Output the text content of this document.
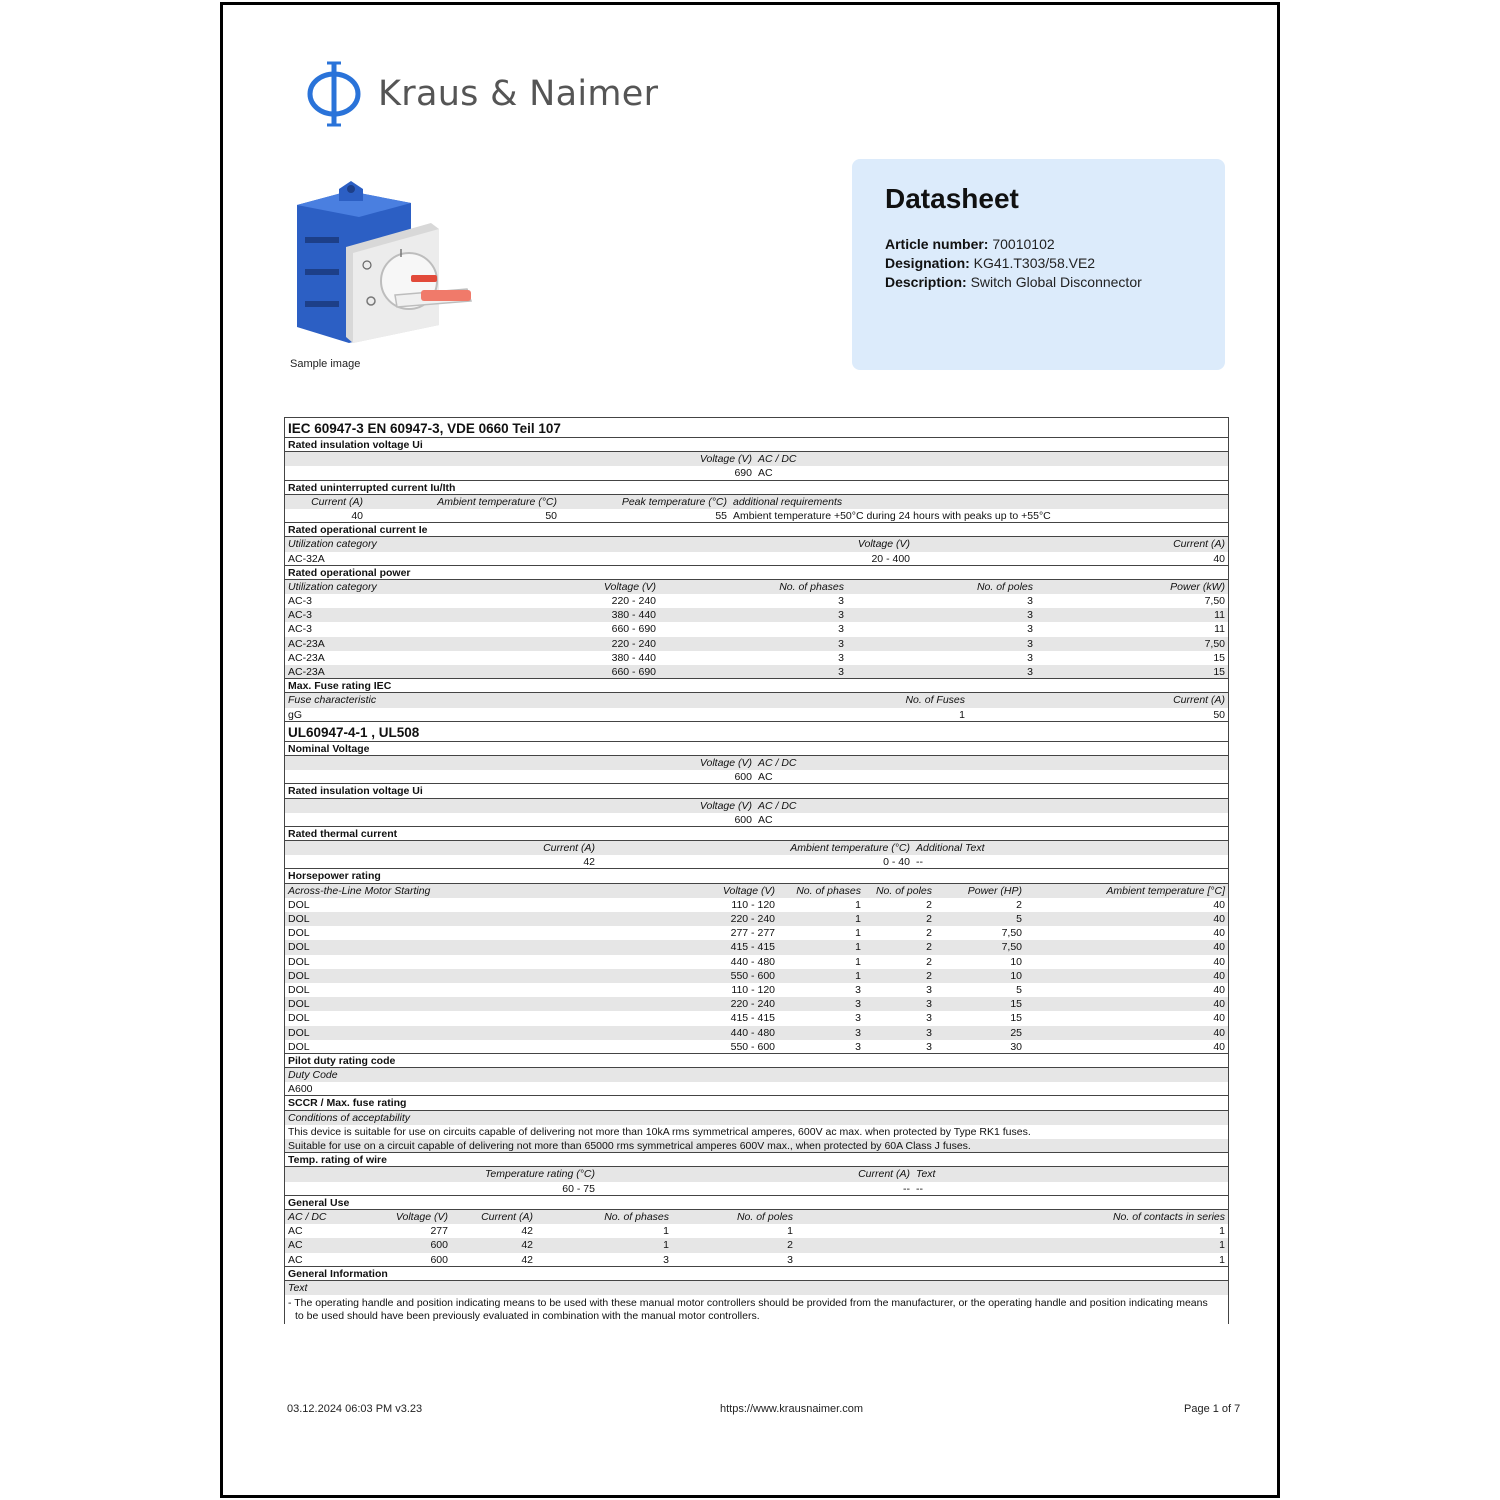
Kraus & Naimer
Sample image
Datasheet
Article number: 70010102
Designation: KG41.T303/58.VE2
Description: Switch Global Disconnector
IEC 60947-3 EN 60947-3, VDE 0660 Teil 107
Rated insulation voltage Ui
Voltage (V) AC / DC
690 AC
Rated uninterrupted current Iu/Ith
Current (A)	Ambient temperature (°C)	Peak temperature (°C) additional requirements
40	50	55 Ambient temperature +50°C during 24 hours with peaks up to +55°C
Rated operational current Ie
Utilization category	Voltage (V)	Current (A)
AC-32A	20 - 400	40
Rated operational power
Utilization category	Voltage (V)	No. of phases	No. of poles	Power (kW)
AC-3	220 - 240	3	3	7,50
AC-3	380 - 440	3	3	11
AC-3	660 - 690	3	3	11
AC-23A	220 - 240	3	3	7,50
AC-23A	380 - 440	3	3	15
AC-23A	660 - 690	3	3	15
Max. Fuse rating IEC
Fuse characteristic	No. of Fuses	Current (A)
gG	1	50
UL60947-4-1 , UL508
Nominal Voltage
Voltage (V) AC / DC
600 AC
Rated insulation voltage Ui
Voltage (V) AC / DC
600 AC
Rated thermal current
Current (A)	Ambient temperature (°C) Additional Text
42	0 - 40 --
Horsepower rating
Across-the-Line Motor Starting	Voltage (V)	No. of phases	No. of poles	Power (HP)	Ambient temperature [°C]
DOL	110 - 120	1	2	2	40
DOL	220 - 240	1	2	5	40
DOL	277 - 277	1	2	7,50	40
DOL	415 - 415	1	2	7,50	40
DOL	440 - 480	1	2	10	40
DOL	550 - 600	1	2	10	40
DOL	110 - 120	3	3	5	40
DOL	220 - 240	3	3	15	40
DOL	415 - 415	3	3	15	40
DOL	440 - 480	3	3	25	40
DOL	550 - 600	3	3	30	40
Pilot duty rating code
Duty Code
A600
SCCR / Max. fuse rating
Conditions of acceptability
This device is suitable for use on circuits capable of delivering not more than 10kA rms symmetrical amperes, 600V ac max. when protected by Type RK1 fuses.
Suitable for use on a circuit capable of delivering not more than 65000 rms symmetrical amperes 600V max., when protected by 60A Class J fuses.
Temp. rating of wire
Temperature rating (°C)	Current (A) Text
60 - 75	-- --
General Use
AC / DC	Voltage (V)	Current (A)	No. of phases	No. of poles	No. of contacts in series
AC	277	42	1	1	1
AC	600	42	1	2	1
AC	600	42	3	3	1
General Information
Text
- The operating handle and position indicating means to be used with these manual motor controllers should be provided from the manufacturer, or the operating handle and position indicating means
to be used should have been previously evaluated in combination with the manual motor controllers.
03.12.2024 06:03 PM v3.23	https://www.krausnaimer.com	Page 1 of 7
